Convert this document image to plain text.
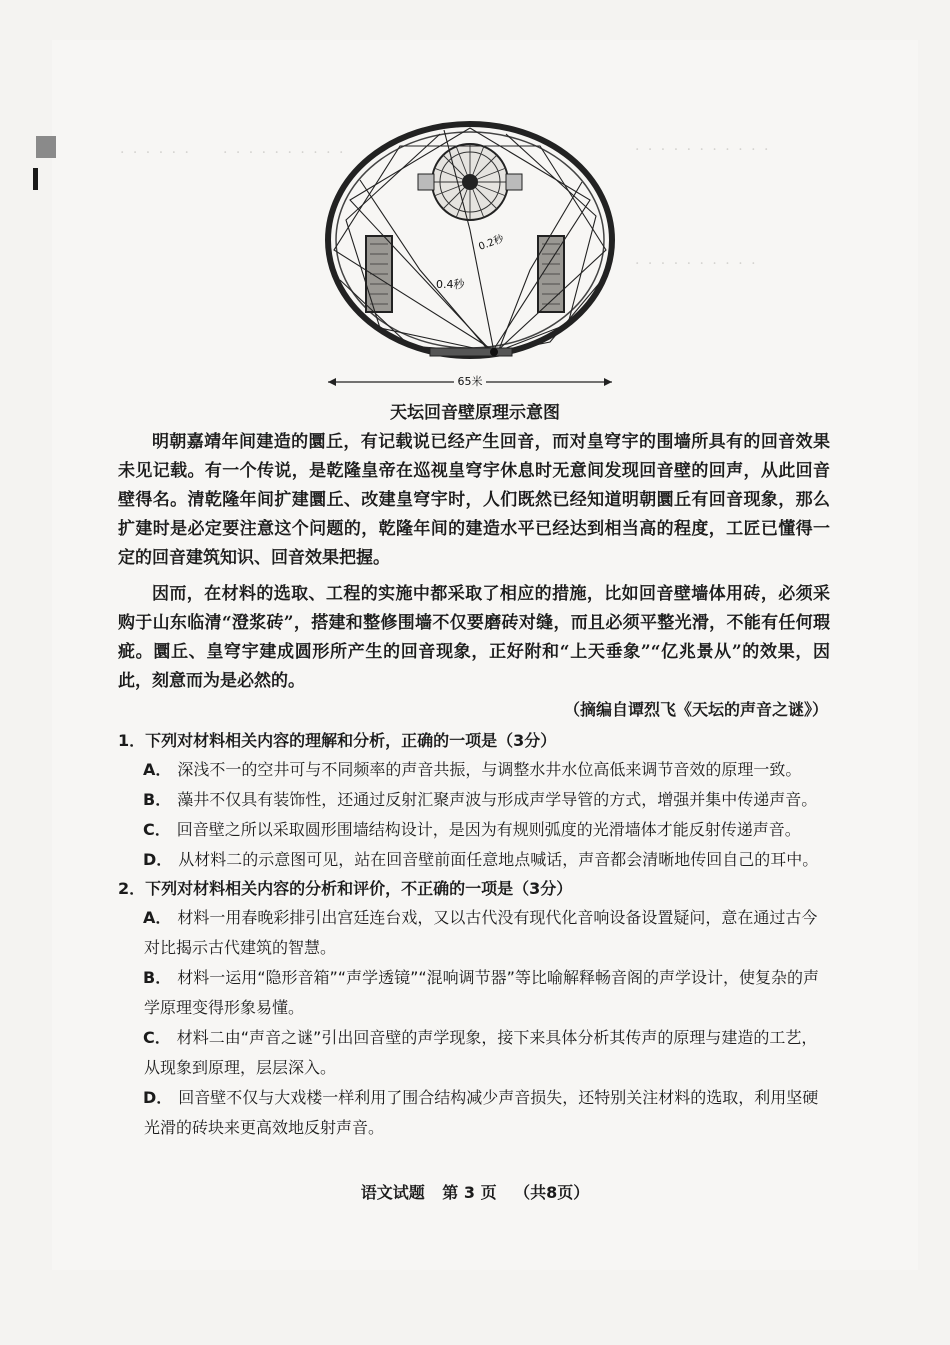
· · · · · ·　　· · · · · · · · · ·	· · · · · · · · · · ·
· · · · · · · · · ·
0.4秒
0.2秒
65米
天坛回音壁原理示意图

明朝嘉靖年间建造的圜丘，有记载说已经产生回音，而对皇穹宇的围墙所具有的回音效果未见记载。有一个传说，是乾隆皇帝在巡视皇穹宇休息时无意间发现回音壁的回声，从此回音壁得名。清乾隆年间扩建圜丘、改建皇穹宇时，人们既然已经知道明朝圜丘有回音现象，那么扩建时是必定要注意这个问题的，乾隆年间的建造水平已经达到相当高的程度，工匠已懂得一定的回音建筑知识、回音效果把握。

因而，在材料的选取、工程的实施中都采取了相应的措施，比如回音壁墙体用砖，必须采购于山东临清“澄浆砖”，搭建和整修围墙不仅要磨砖对缝，而且必须平整光滑，不能有任何瑕疵。圜丘、皇穹宇建成圆形所产生的回音现象，正好附和“上天垂象”“亿兆景从”的效果，因此，刻意而为是必然的。

（摘编自谭烈飞《天坛的声音之谜》）

1．下列对材料相关内容的理解和分析，正确的一项是（3分）

A． 深浅不一的空井可与不同频率的声音共振，与调整水井水位高低来调节音效的原理一致。

B． 藻井不仅具有装饰性，还通过反射汇聚声波与形成声学导管的方式，增强并集中传递声音。

C． 回音壁之所以采取圆形围墙结构设计，是因为有规则弧度的光滑墙体才能反射传递声音。

D． 从材料二的示意图可见，站在回音壁前面任意地点喊话，声音都会清晰地传回自己的耳中。

2．下列对材料相关内容的分析和评价，不正确的一项是（3分）

A． 材料一用春晚彩排引出宫廷连台戏，又以古代没有现代化音响设备设置疑问，意在通过古今对比揭示古代建筑的智慧。

B． 材料一运用“隐形音箱”“声学透镜”“混响调节器”等比喻解释畅音阁的声学设计，使复杂的声学原理变得形象易懂。

C． 材料二由“声音之谜”引出回音壁的声学现象，接下来具体分析其传声的原理与建造的工艺，从现象到原理，层层深入。

D． 回音壁不仅与大戏楼一样利用了围合结构减少声音损失，还特别关注材料的选取，利用坚硬光滑的砖块来更高效地反射声音。

语文试题 第 3 页 （共8页）
